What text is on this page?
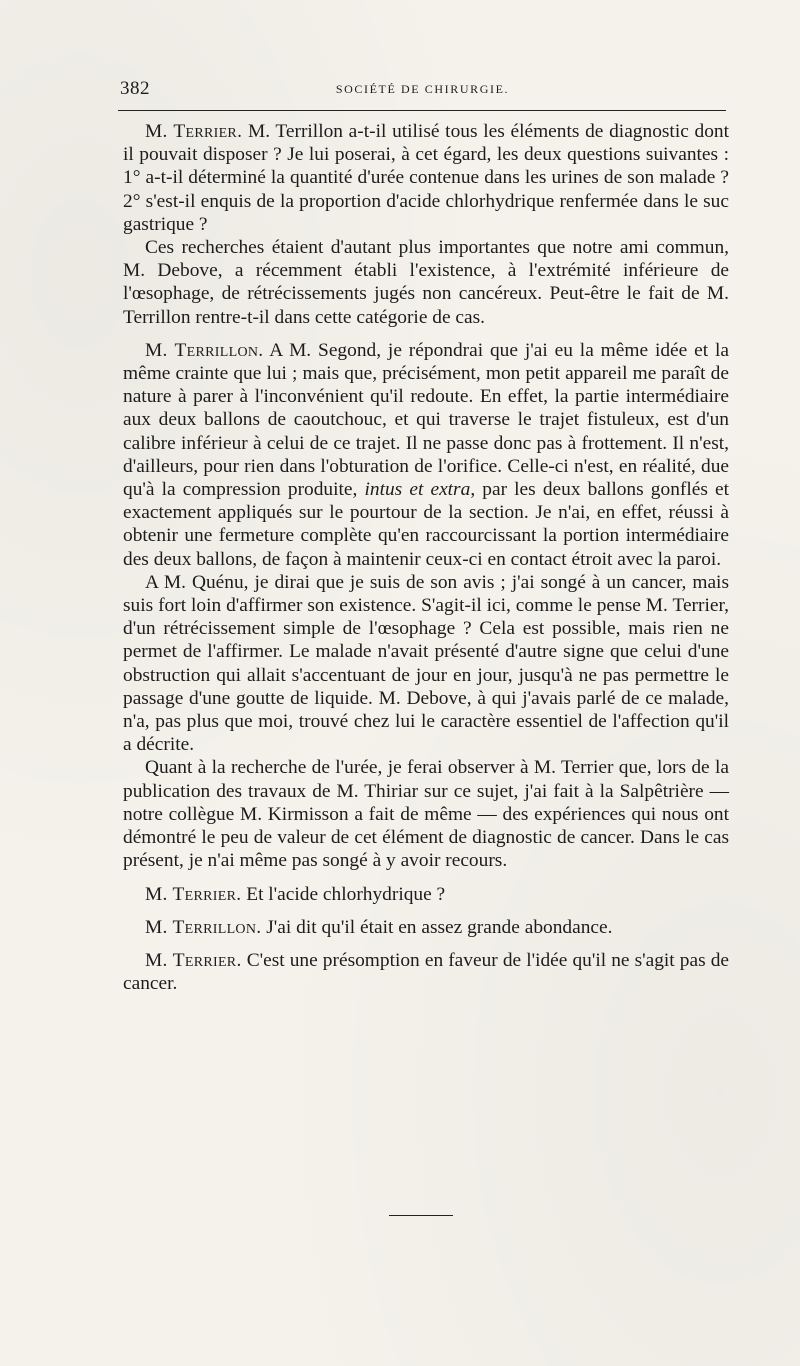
382	SOCIÉTÉ DE CHIRURGIE.

M. Terrier. M. Terrillon a-t-il utilisé tous les éléments de diagnostic dont il pouvait disposer ? Je lui poserai, à cet égard, les deux questions suivantes : 1° a-t-il déterminé la quantité d'urée contenue dans les urines de son malade ? 2° s'est-il enquis de la proportion d'acide chlorhydrique renfermée dans le suc gastrique ?

Ces recherches étaient d'autant plus importantes que notre ami commun, M. Debove, a récemment établi l'existence, à l'extrémité inférieure de l'œsophage, de rétrécissements jugés non cancéreux. Peut-être le fait de M. Terrillon rentre-t-il dans cette catégorie de cas.

M. Terrillon. A M. Segond, je répondrai que j'ai eu la même idée et la même crainte que lui ; mais que, précisément, mon petit appareil me paraît de nature à parer à l'inconvénient qu'il redoute. En effet, la partie intermédiaire aux deux ballons de caoutchouc, et qui traverse le trajet fistuleux, est d'un calibre inférieur à celui de ce trajet. Il ne passe donc pas à frottement. Il n'est, d'ailleurs, pour rien dans l'obturation de l'orifice. Celle-ci n'est, en réalité, due qu'à la compression produite, intus et extra, par les deux ballons gonflés et exactement appliqués sur le pourtour de la section. Je n'ai, en effet, réussi à obtenir une fermeture complète qu'en raccourcissant la portion intermédiaire des deux ballons, de façon à maintenir ceux-ci en contact étroit avec la paroi.

A M. Quénu, je dirai que je suis de son avis ; j'ai songé à un cancer, mais suis fort loin d'affirmer son existence. S'agit-il ici, comme le pense M. Terrier, d'un rétrécissement simple de l'œsophage ? Cela est possible, mais rien ne permet de l'affirmer. Le malade n'avait présenté d'autre signe que celui d'une obstruction qui allait s'accentuant de jour en jour, jusqu'à ne pas permettre le passage d'une goutte de liquide. M. Debove, à qui j'avais parlé de ce malade, n'a, pas plus que moi, trouvé chez lui le caractère essentiel de l'affection qu'il a décrite.

Quant à la recherche de l'urée, je ferai observer à M. Terrier que, lors de la publication des travaux de M. Thiriar sur ce sujet, j'ai fait à la Salpêtrière — notre collègue M. Kirmisson a fait de même — des expériences qui nous ont démontré le peu de valeur de cet élément de diagnostic de cancer. Dans le cas présent, je n'ai même pas songé à y avoir recours.

M. Terrier. Et l'acide chlorhydrique ?

M. Terrillon. J'ai dit qu'il était en assez grande abondance.

M. Terrier. C'est une présomption en faveur de l'idée qu'il ne s'agit pas de cancer.
